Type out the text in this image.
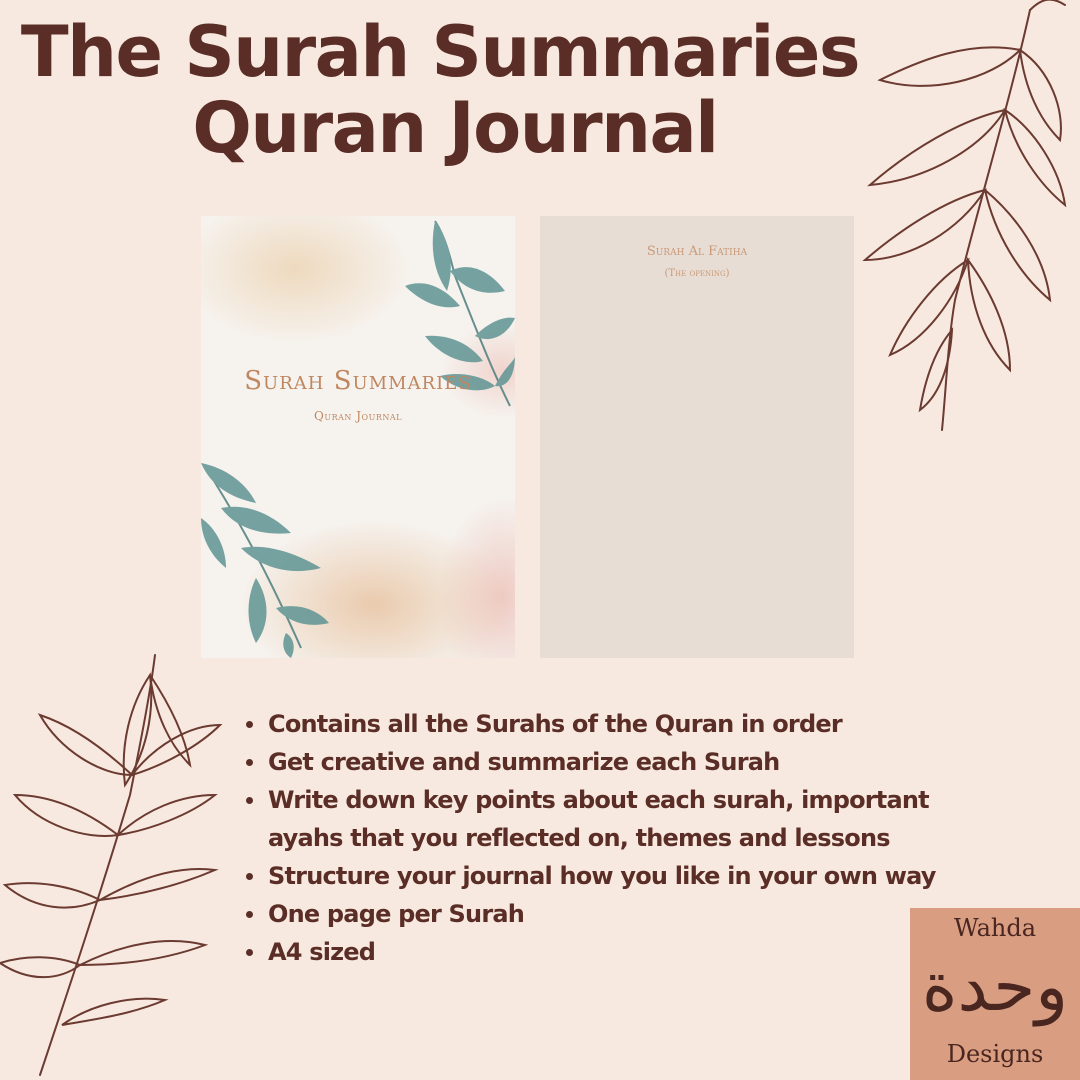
The Surah Summaries
Quran Journal
Surah Summaries
Quran Journal
Surah Al Fatiha
(The opening)
Contains all the Surahs of the Quran in order
Get creative and summarize each Surah
Write down key points about each surah, important ayahs that you reflected on, themes and lessons
Structure your journal how you like in your own way
One page per Surah
A4 sized
Wahda
وحدة
Designs
